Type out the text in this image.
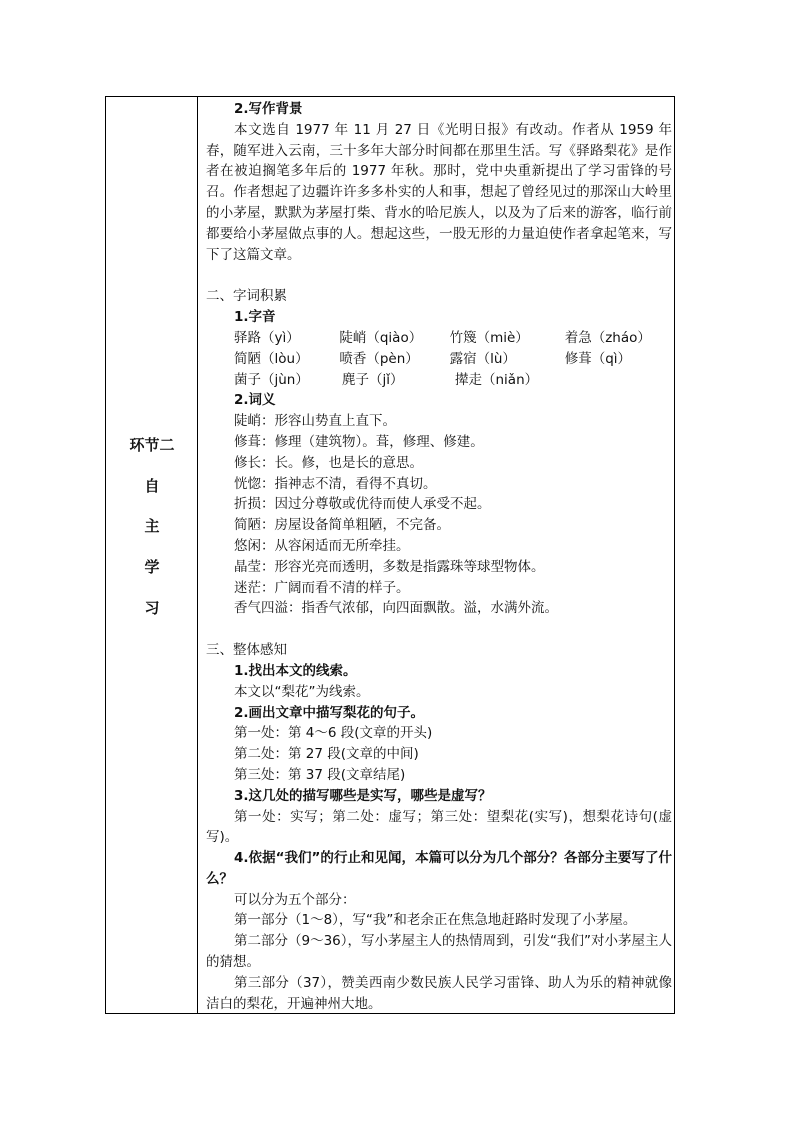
环节二
自
主
学
习
2.写作背景

本文选自 1977 年 11 月 27 日《光明日报》有改动。作者从 1959 年春，随军进入云南，三十多年大部分时间都在那里生活。写《驿路梨花》是作者在被迫搁笔多年后的 1977 年秋。那时，党中央重新提出了学习雷锋的号召。作者想起了边疆许许多多朴实的人和事，想起了曾经见过的那深山大岭里的小茅屋，默默为茅屋打柴、背水的哈尼族人，以及为了后来的游客，临行前都要给小茅屋做点事的人。想起这些，一股无形的力量迫使作者拿起笔来，写下了这篇文章。

二、字词积累
1.字音
驿路（yì）	陡峭（qiào）	竹篾（miè）	着急（zháo）
简陋（lòu）	喷香（pèn）	露宿（lù）	修葺（qì）
菌子（jùn）	麂子（jǐ）	撵走（niǎn）
2.词义
陡峭：形容山势直上直下。
修葺：修理（建筑物）。葺，修理、修建。
修长：长。修，也是长的意思。
恍惚：指神志不清，看得不真切。
折损：因过分尊敬或优待而使人承受不起。
简陋：房屋设备简单粗陋，不完备。
悠闲：从容闲适而无所牵挂。
晶莹：形容光亮而透明，多数是指露珠等球型物体。
迷茫：广阔而看不清的样子。
香气四溢：指香气浓郁，向四面飘散。溢，水满外流。
三、整体感知
1.找出本文的线索。
本文以“梨花”为线索。
2.画出文章中描写梨花的句子。
第一处：第 4～6 段(文章的开头)
第二处：第 27 段(文章的中间)
第三处：第 37 段(文章结尾)
3.这几处的描写哪些是实写，哪些是虚写？

第一处：实写；第二处：虚写；第三处：望梨花(实写)，想梨花诗句(虚写)。

4.依据“我们”的行止和见闻，本篇可以分为几个部分？各部分主要写了什么？

可以分为五个部分：

第一部分（1～8），写“我”和老余正在焦急地赶路时发现了小茅屋。

第二部分（9～36），写小茅屋主人的热情周到，引发“我们”对小茅屋主人的猜想。

第三部分（37），赞美西南少数民族人民学习雷锋、助人为乐的精神就像洁白的梨花，开遍神州大地。
